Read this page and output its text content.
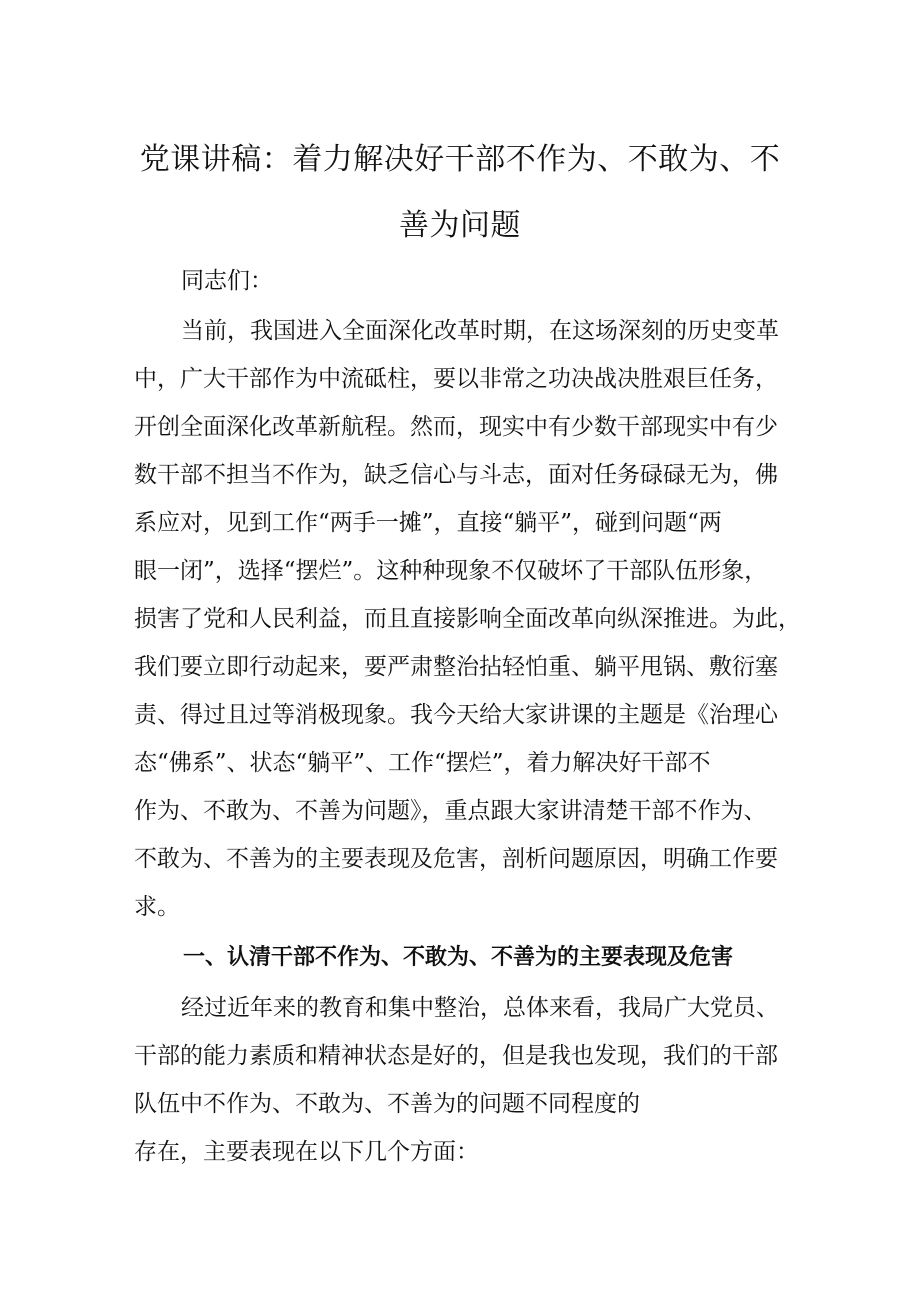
党课讲稿：着力解决好干部不作为、不敢为、不
善为问题
同志们：
当前，我国进入全面深化改革时期，在这场深刻的历史变革
中，广大干部作为中流砥柱，要以非常之功决战决胜艰巨任务，
开创全面深化改革新航程。然而，现实中有少数干部现实中有少
数干部不担当不作为，缺乏信心与斗志，面对任务碌碌无为，佛
系应对，见到工作“两手一摊”，直接“躺平”，碰到问题“两
眼一闭”，选择“摆烂”。这种种现象不仅破坏了干部队伍形象，
损害了党和人民利益，而且直接影响全面改革向纵深推进。为此，
我们要立即行动起来，要严肃整治拈轻怕重、躺平甩锅、敷衍塞
责、得过且过等消极现象。我今天给大家讲课的主题是《治理心
态“佛系”、状态“躺平”、工作“摆烂”，着力解决好干部不
作为、不敢为、不善为问题》，重点跟大家讲清楚干部不作为、
不敢为、不善为的主要表现及危害，剖析问题原因，明确工作要
求。
一、认清干部不作为、不敢为、不善为的主要表现及危害
经过近年来的教育和集中整治，总体来看，我局广大党员、
干部的能力素质和精神状态是好的，但是我也发现，我们的干部
队伍中不作为、不敢为、不善为的问题不同程度的
存在，主要表现在以下几个方面：
